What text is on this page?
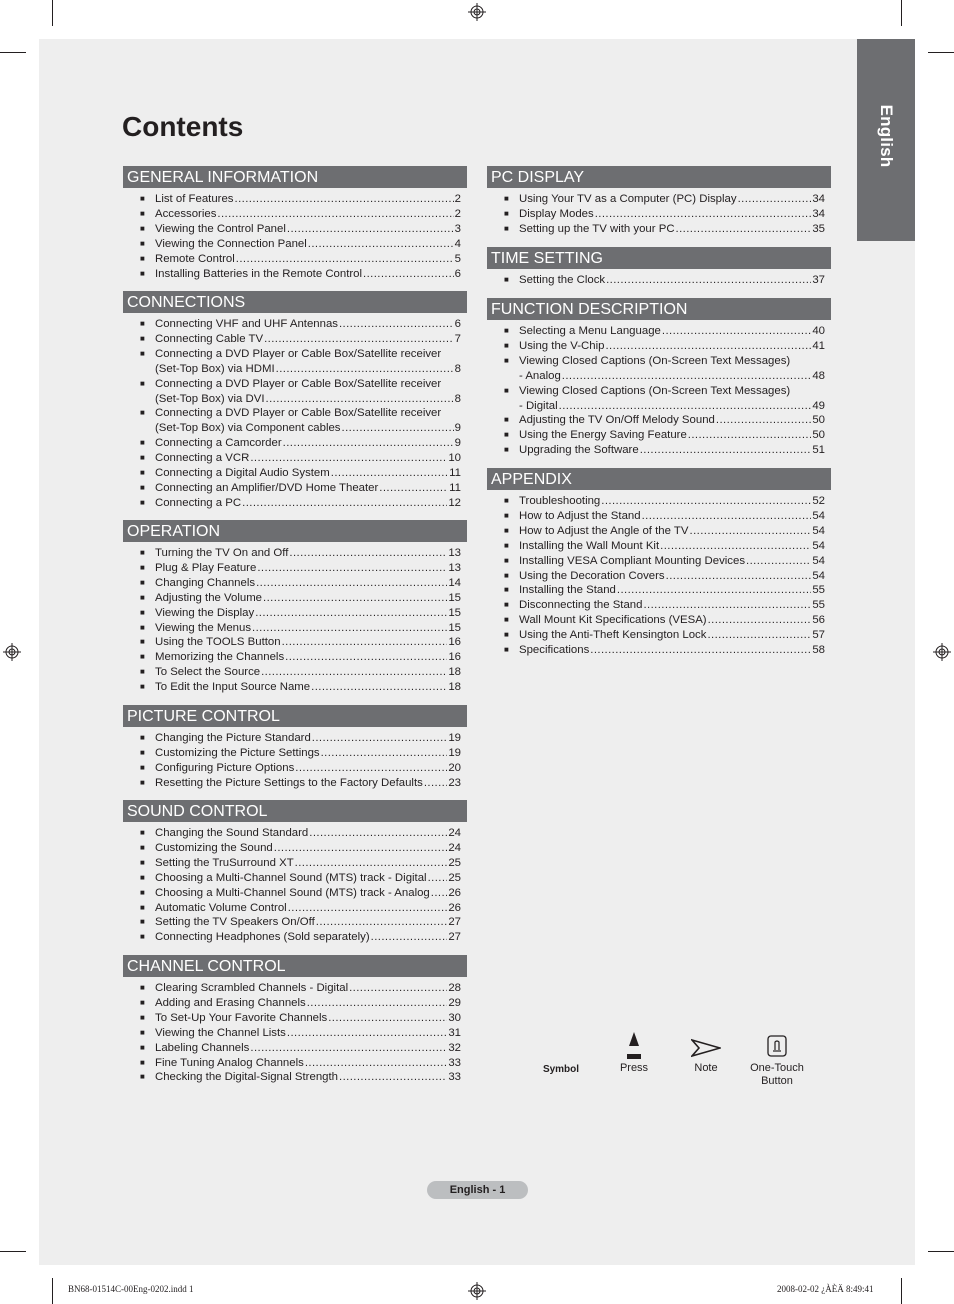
English
Contents
GENERAL INFORMATION
■ List of Features .....	2
■ Accessories .....	2
■ Viewing the Control Panel .....	3
■ Viewing the Connection Panel .....	4
■ Remote Control .....	5
■ Installing Batteries in the Remote Control .....	6
CONNECTIONS
■ Connecting VHF and UHF Antennas .....	6
■ Connecting Cable TV .....	7
■ Connecting a DVD Player or Cable Box/Satellite receiver
(Set-Top Box) via HDMI .....	8
■ Connecting a DVD Player or Cable Box/Satellite receiver
(Set-Top Box) via DVI .....	8
■ Connecting a DVD Player or Cable Box/Satellite receiver
(Set-Top Box) via Component cables .....	9
■ Connecting a Camcorder .....	9
■ Connecting a VCR .....	10
■ Connecting a Digital Audio System .....	11
■ Connecting an Amplifier/DVD Home Theater .....	11
■ Connecting a PC .....	12
OPERATION
■ Turning the TV On and Off .....	13
■ Plug & Play Feature .....	13
■ Changing Channels .....	14
■ Adjusting the Volume .....	15
■ Viewing the Display .....	15
■ Viewing the Menus .....	15
■ Using the TOOLS Button .....	16
■ Memorizing the Channels .....	16
■ To Select the Source .....	18
■ To Edit the Input Source Name .....	18
PICTURE CONTROL
■ Changing the Picture Standard .....	19
■ Customizing the Picture Settings .....	19
■ Configuring Picture Options .....	20
■ Resetting the Picture Settings to the Factory Defaults ..... 23
SOUND CONTROL
■ Changing the Sound Standard .....	24
■ Customizing the Sound .....	24
■ Setting the TruSurround XT .....	25
■ Choosing a Multi-Channel Sound (MTS) track - Digital ..... 25
■ Choosing a Multi-Channel Sound (MTS) track - Analog ..... 26
■ Automatic Volume Control .....	26
■ Setting the TV Speakers On/Off .....	27
■ Connecting Headphones (Sold separately) .....	27
CHANNEL CONTROL
■ Clearing Scrambled Channels - Digital .....	28
■ Adding and Erasing Channels .....	29
■ To Set-Up Your Favorite Channels .....	30
■ Viewing the Channel Lists .....	31
■ Labeling Channels .....	32
■ Fine Tuning Analog Channels .....	33
■ Checking the Digital-Signal Strength .....	33
PC DISPLAY
■ Using Your TV as a Computer (PC) Display .....	34
■ Display Modes .....	34
■ Setting up the TV with your PC .....	35
TIME SETTING
■ Setting the Clock .....	37
FUNCTION DESCRIPTION
■ Selecting a Menu Language .....	40
■ Using the V-Chip .....	41
■ Viewing Closed Captions (On-Screen Text Messages)
- Analog .....	48
■ Viewing Closed Captions (On-Screen Text Messages)
- Digital .....	49
■ Adjusting the TV On/Off Melody Sound .....	50
■ Using the Energy Saving Feature .....	50
■ Upgrading the Software .....	51
APPENDIX
■ Troubleshooting .....	52
■ How to Adjust the Stand .....	54
■ How to Adjust the Angle of the TV .....	54
■ Installing the Wall Mount Kit .....	54
■ Installing VESA Compliant Mounting Devices .....	54
■ Using the Decoration Covers .....	54
■ Installing the Stand .....	55
■ Disconnecting the Stand .....	55
■ Wall Mount Kit Specifications (VESA) .....	56
■ Using the Anti-Theft Kensington Lock .....	57
■ Specifications .....	58
Symbol	Press	Note	One-Touch
Button
English - 1
BN68-01514C-00Eng-0202.indd 1	2008-02-02 ¿ÀÈÄ 8:49:41
